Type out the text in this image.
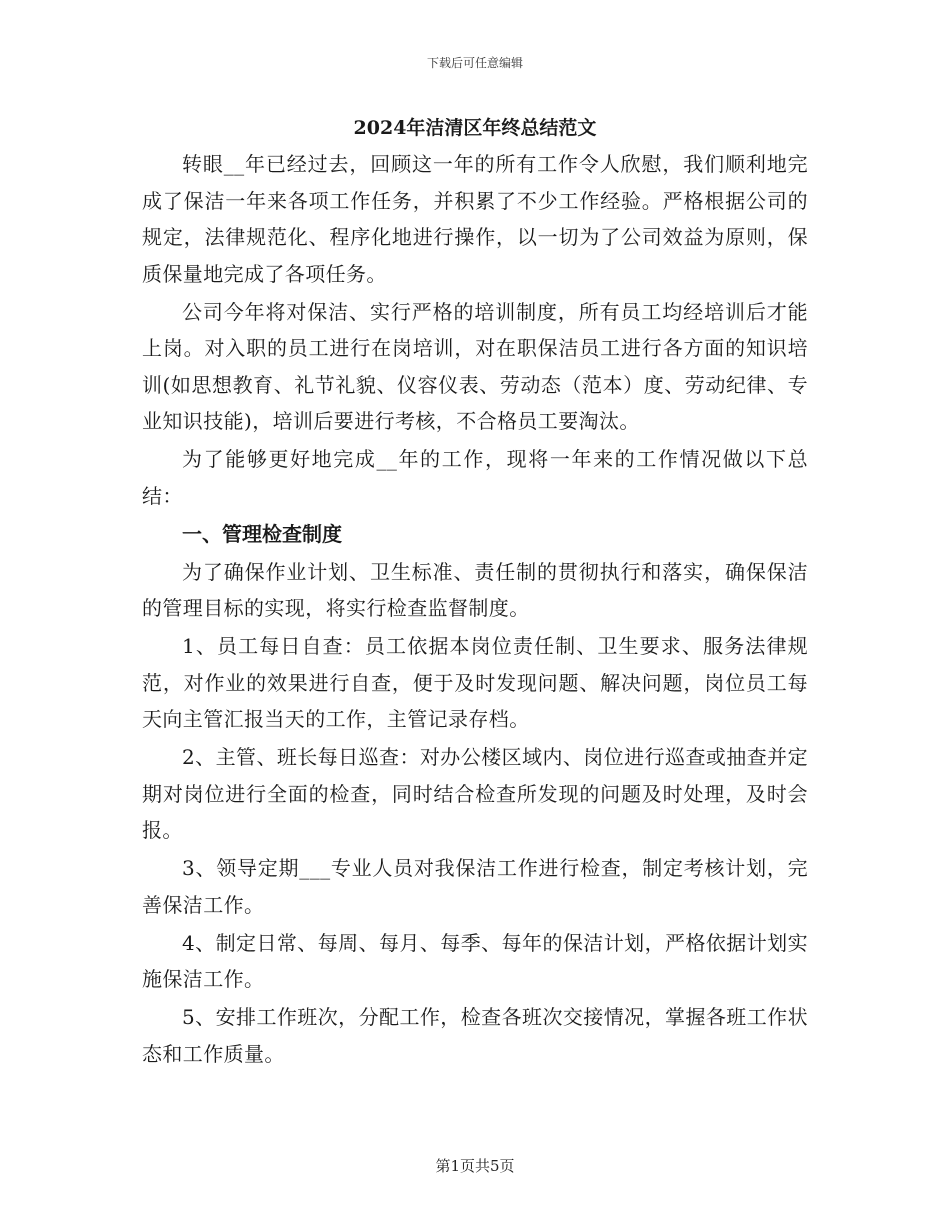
下载后可任意编辑
2024年洁清区年终总结范文

转眼__年已经过去，回顾这一年的所有工作令人欣慰，我们顺利地完成了保洁一年来各项工作任务，并积累了不少工作经验。严格根据公司的规定，法律规范化、程序化地进行操作，以一切为了公司效益为原则，保质保量地完成了各项任务。

公司今年将对保洁、实行严格的培训制度，所有员工均经培训后才能上岗。对入职的员工进行在岗培训，对在职保洁员工进行各方面的知识培训(如思想教育、礼节礼貌、仪容仪表、劳动态（范本）度、劳动纪律、专业知识技能)，培训后要进行考核，不合格员工要淘汰。

为了能够更好地完成__年的工作，现将一年来的工作情况做以下总结：

一、管理检查制度

为了确保作业计划、卫生标准、责任制的贯彻执行和落实，确保保洁的管理目标的实现，将实行检查监督制度。

1、员工每日自查：员工依据本岗位责任制、卫生要求、服务法律规范，对作业的效果进行自查，便于及时发现问题、解决问题，岗位员工每天向主管汇报当天的工作，主管记录存档。

2、主管、班长每日巡查：对办公楼区域内、岗位进行巡查或抽查并定期对岗位进行全面的检查，同时结合检查所发现的问题及时处理，及时会报。

3、领导定期___专业人员对我保洁工作进行检查，制定考核计划，完善保洁工作。

4、制定日常、每周、每月、每季、每年的保洁计划，严格依据计划实施保洁工作。

5、安排工作班次，分配工作，检查各班次交接情况，掌握各班工作状态和工作质量。

第1页共5页
